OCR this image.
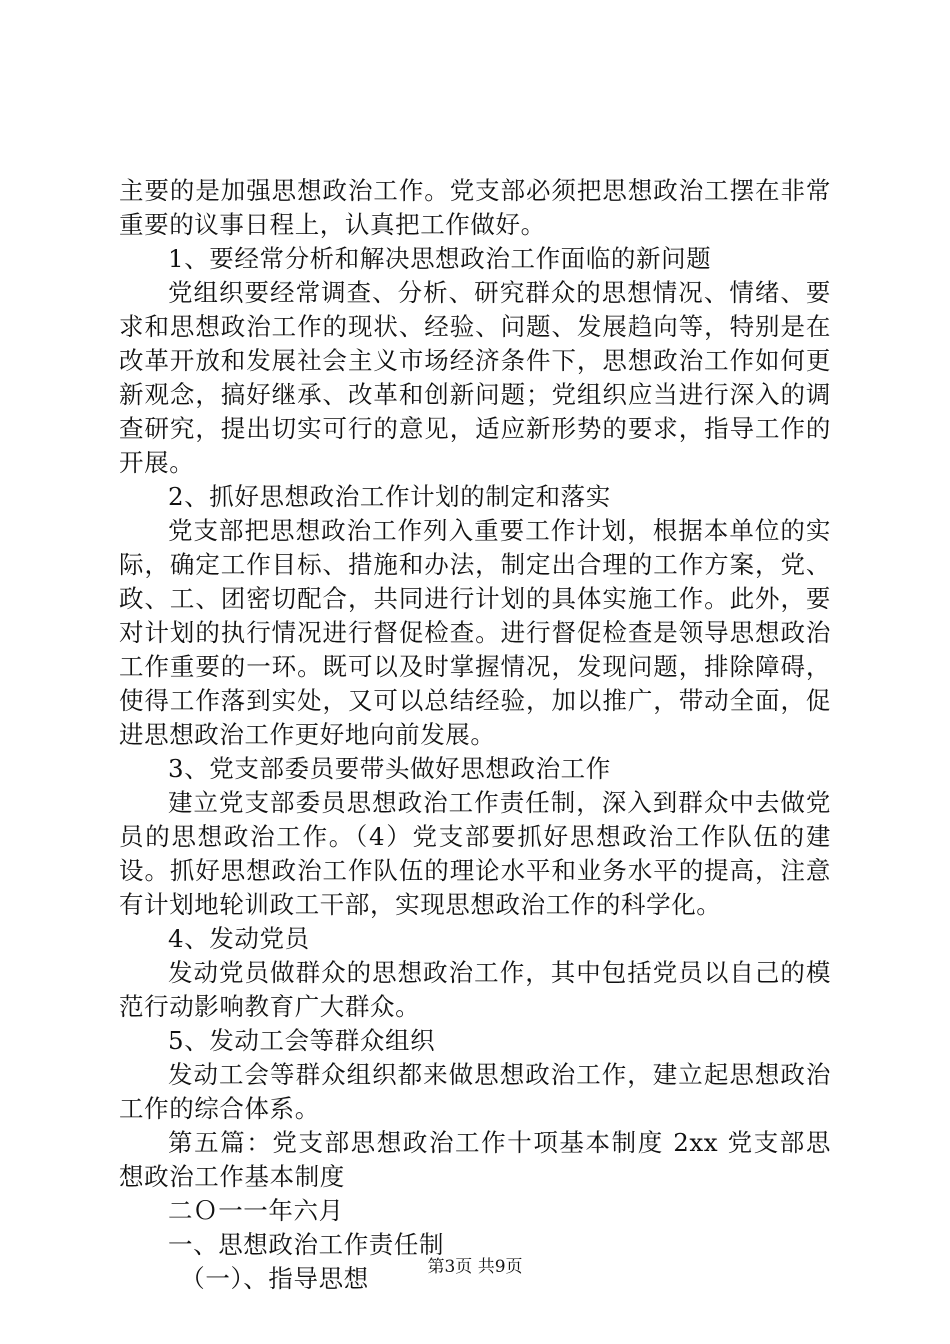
主要的是加强思想政治工作。党支部必须把思想政治工摆在非常重要的议事日程上，认真把工作做好。

1、要经常分析和解决思想政治工作面临的新问题

党组织要经常调查、分析、研究群众的思想情况、情绪、要求和思想政治工作的现状、经验、问题、发展趋向等，特别是在改革开放和发展社会主义市场经济条件下，思想政治工作如何更新观念，搞好继承、改革和创新问题；党组织应当进行深入的调查研究，提出切实可行的意见，适应新形势的要求，指导工作的开展。

2、抓好思想政治工作计划的制定和落实

党支部把思想政治工作列入重要工作计划，根据本单位的实际，确定工作目标、措施和办法，制定出合理的工作方案，党、政、工、团密切配合，共同进行计划的具体实施工作。此外，要对计划的执行情况进行督促检查。进行督促检查是领导思想政治工作重要的一环。既可以及时掌握情况，发现问题，排除障碍，使得工作落到实处，又可以总结经验，加以推广，带动全面，促进思想政治工作更好地向前发展。

3、党支部委员要带头做好思想政治工作

建立党支部委员思想政治工作责任制，深入到群众中去做党员的思想政治工作。（4）党支部要抓好思想政治工作队伍的建设。抓好思想政治工作队伍的理论水平和业务水平的提高，注意有计划地轮训政工干部，实现思想政治工作的科学化。

4、发动党员

发动党员做群众的思想政治工作，其中包括党员以自己的模范行动影响教育广大群众。

5、发动工会等群众组织

发动工会等群众组织都来做思想政治工作，建立起思想政治工作的综合体系。

第五篇：党支部思想政治工作十项基本制度 2xx 党支部思想政治工作基本制度

二Ｏ一一年六月

一、思想政治工作责任制

（一）、指导思想	第3页 共9页
